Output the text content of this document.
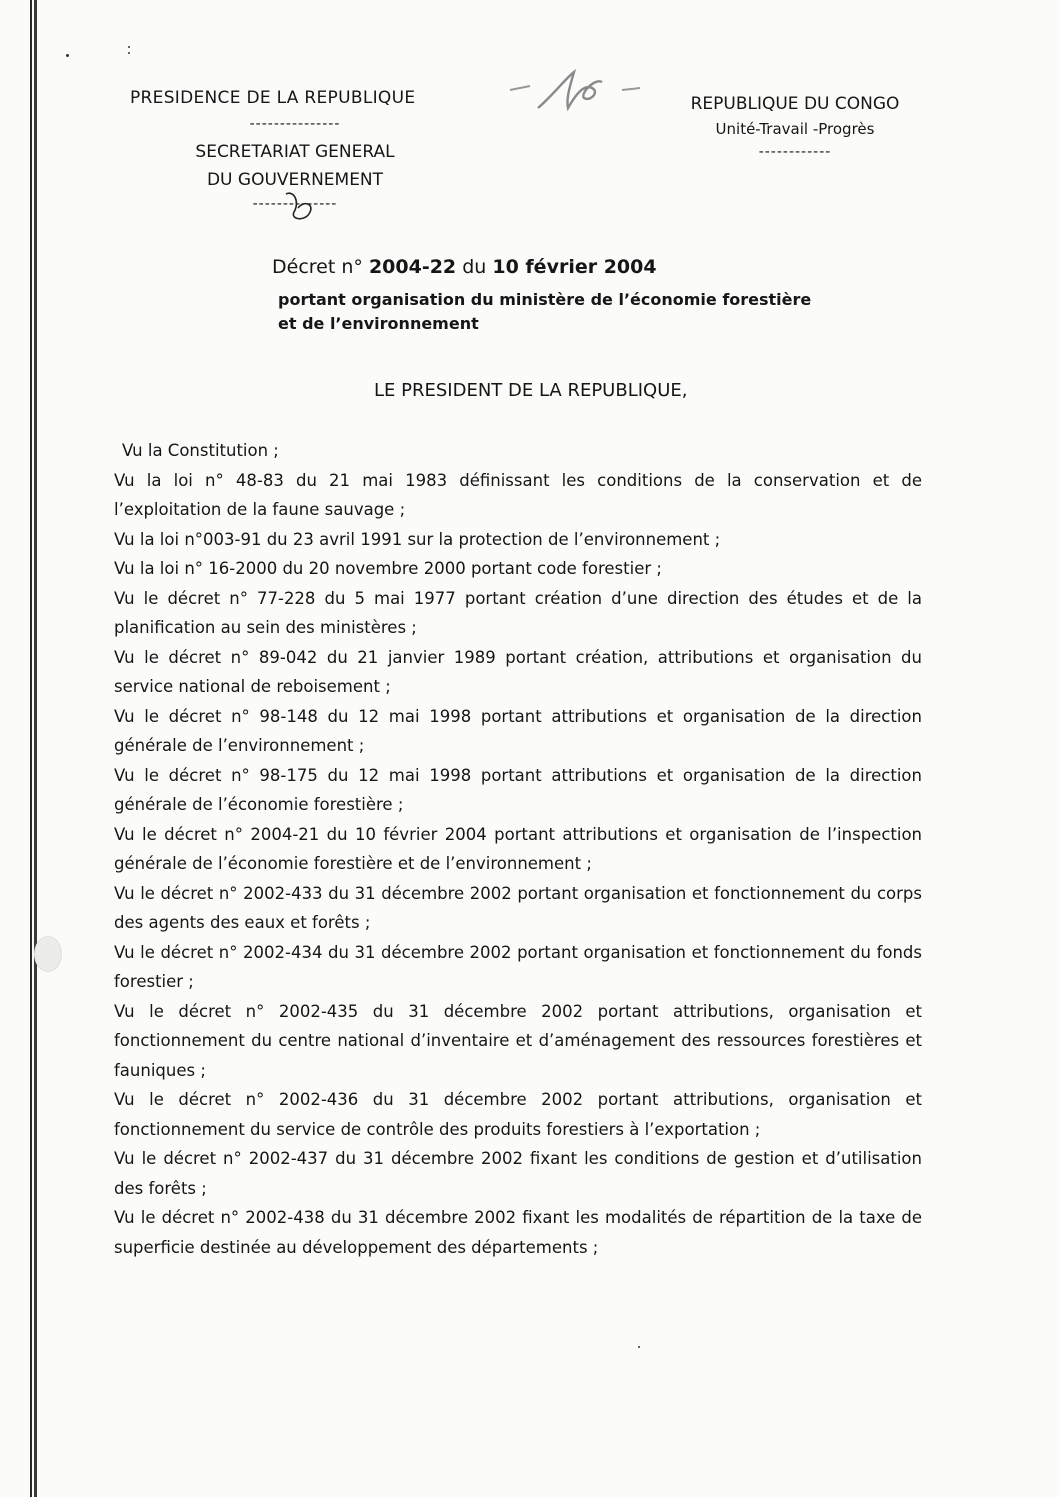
PRESIDENCE DE LA REPUBLIQUE

---------------

SECRETARIAT GENERAL

DU GOUVERNEMENT

--------------
-18-

REPUBLIQUE DU CONGO

Unité-Travail -Progrès

------------

Décret n° 2004-22 du 10 février 2004

portant organisation du ministère de l’économie forestière
et de l’environnement

LE PRESIDENT DE LA REPUBLIQUE,

Vu la Constitution ;
Vu la loi n° 48-83 du 21 mai 1983 définissant les conditions de la conservation et de l’exploitation de la faune sauvage ;
Vu la loi n°003-91 du 23 avril 1991 sur la protection de l’environnement ;
Vu la loi n° 16-2000 du 20 novembre 2000 portant code forestier ;
Vu le décret n° 77-228 du 5 mai 1977 portant création d’une direction des études et de la planification au sein des ministères ;
Vu le décret n° 89-042 du 21 janvier 1989 portant création, attributions et organisation du service national de reboisement ;
Vu le décret n° 98-148 du 12 mai 1998 portant attributions et organisation de la direction générale de l’environnement ;
Vu le décret n° 98-175 du 12 mai 1998 portant attributions et organisation de la direction générale de l’économie forestière ;
Vu le décret n° 2004-21 du 10 février 2004 portant attributions et organisation de l’inspection générale de l’économie forestière et de l’environnement ;
Vu le décret n° 2002-433 du 31 décembre 2002 portant organisation et fonctionnement du corps des agents des eaux et forêts ;
Vu le décret n° 2002-434 du 31 décembre 2002 portant organisation et fonctionnement du fonds forestier ;
Vu le décret n° 2002-435 du 31 décembre 2002 portant attributions, organisation et fonctionnement du centre national d’inventaire et d’aménagement des ressources forestières et fauniques ;
Vu le décret n° 2002-436 du 31 décembre 2002 portant attributions, organisation et fonctionnement du service de contrôle des produits forestiers à l’exportation ;
Vu le décret n° 2002-437 du 31 décembre 2002 fixant les conditions de gestion et d’utilisation des forêts ;
Vu le décret n° 2002-438 du 31 décembre 2002 fixant les modalités de répartition de la taxe de superficie destinée au développement des départements ;
